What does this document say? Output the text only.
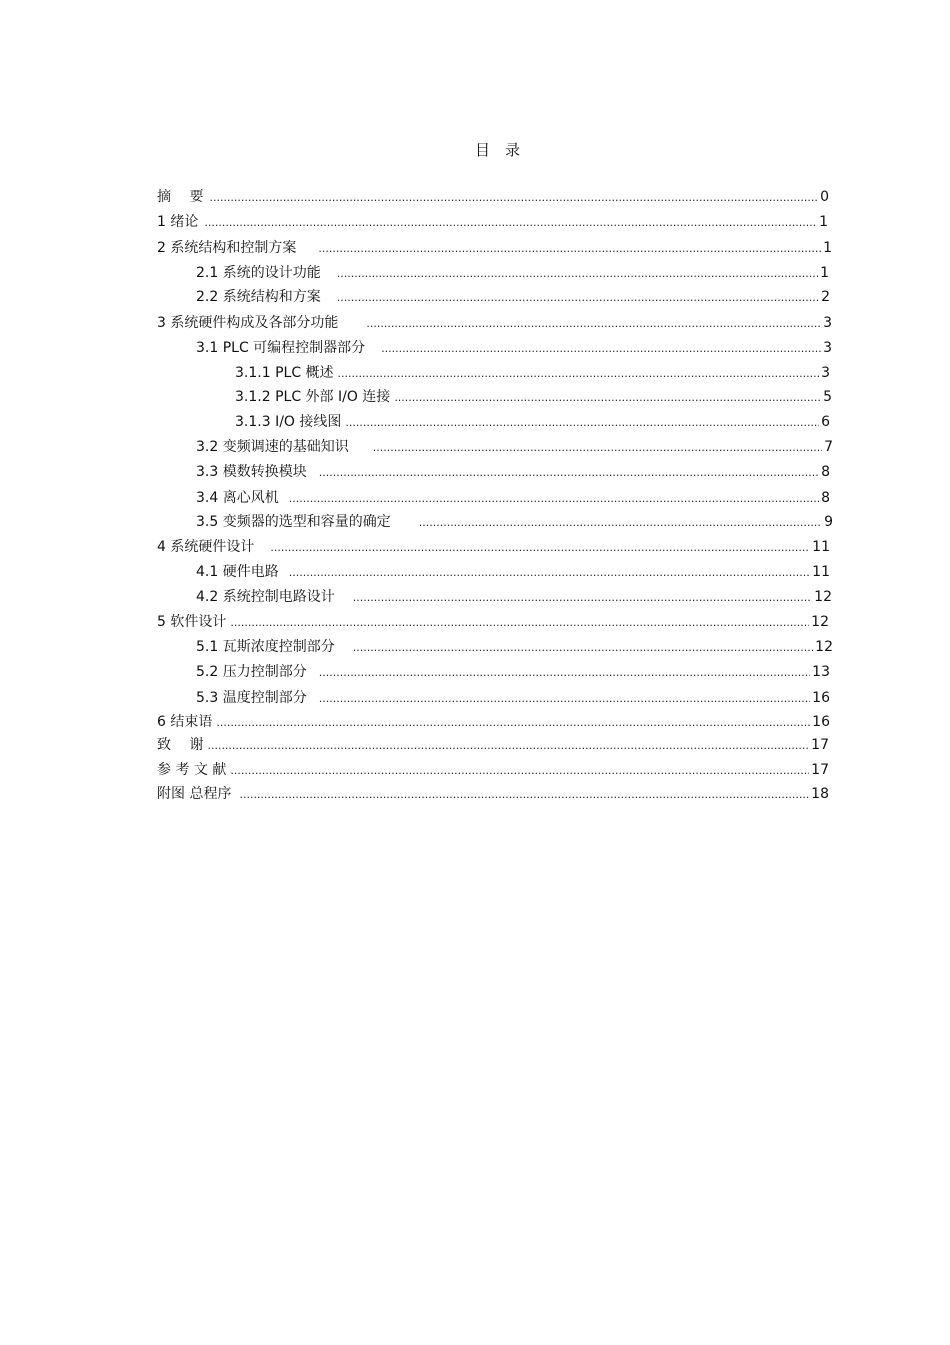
目　录
摘　 要 .....	0
1 绪论 .....	1
2 系统结构和控制方案 .....	1
2.1 系统的设计功能 .....	1
2.2 系统结构和方案 .....	2
3 系统硬件构成及各部分功能 .....	3
3.1 PLC 可编程控制器部分 .....	3
3.1.1 PLC 概述 .....	3
3.1.2 PLC 外部 I/O 连接 .....	5
3.1.3 I/O 接线图 .....	6
3.2 变频调速的基础知识 .....	7
3.3 模数转换模块 .....	8
3.4 离心风机 .....	8
3.5 变频器的选型和容量的确定 .....	9
4 系统硬件设计 .....	11
4.1 硬件电路 .....	11
4.2 系统控制电路设计 .....	12
5 软件设计 .....	12
5.1 瓦斯浓度控制部分 .....	12
5.2 压力控制部分 .....	13
5.3 温度控制部分 .....	16
6 结束语 .....	16
致　 谢 .....	17
参 考 文 献 .....	17
附图 总程序 .....	18
